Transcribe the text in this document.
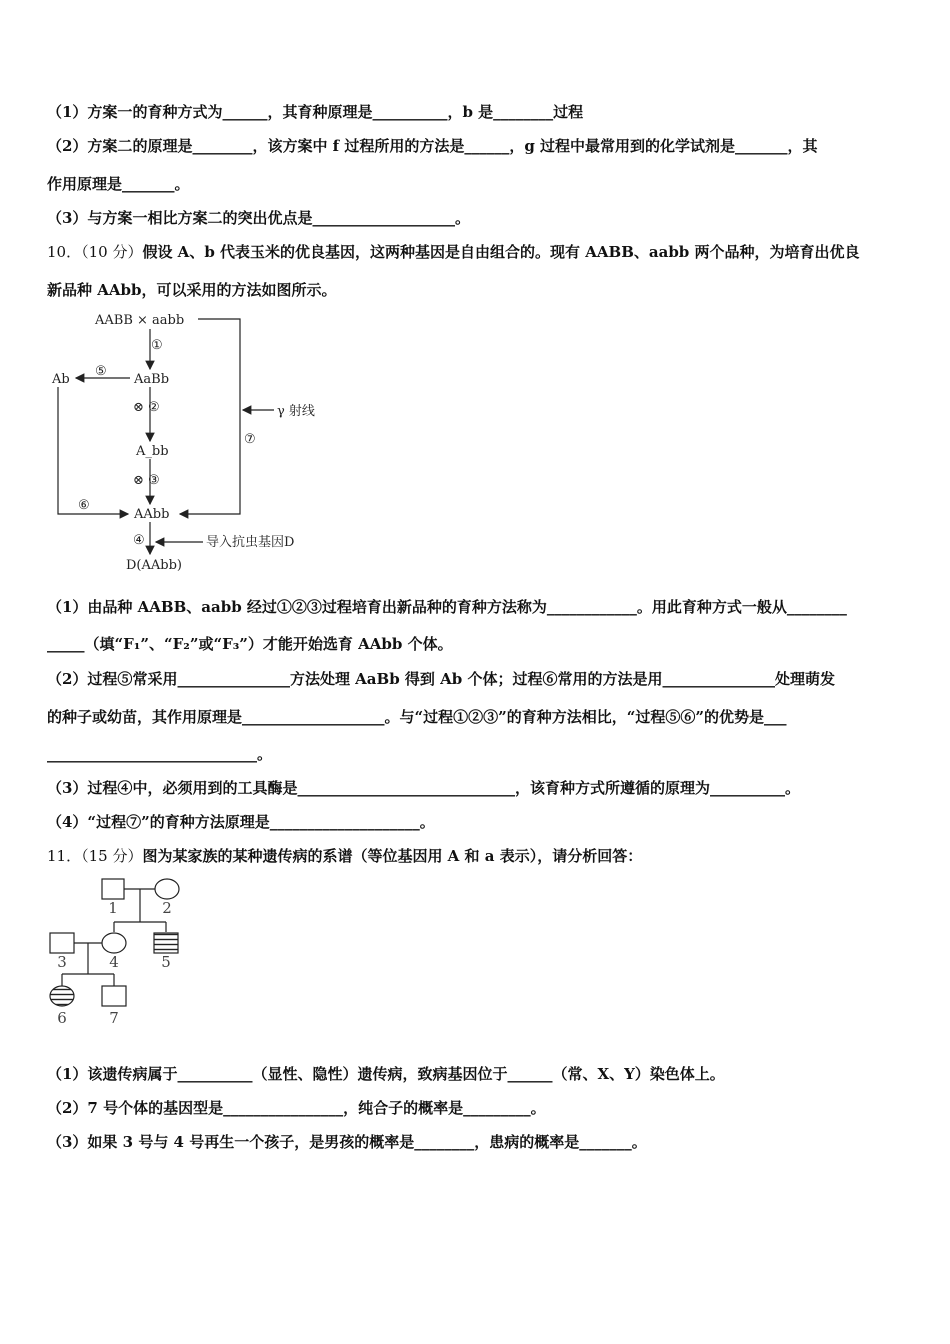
（1）方案一的育种方式为______，其育种原理是__________，b 是________过程
（2）方案二的原理是________，该方案中 f 过程所用的方法是______，g 过程中最常用到的化学试剂是_______，其
作用原理是_______。
（3）与方案一相比方案二的突出优点是___________________。
10．（10 分）假设 A、b 代表玉米的优良基因，这两种基因是自由组合的。现有 AABB、aabb 两个品种，为培育出优良
新品种 AAbb，可以采用的方法如图所示。
AABB × aabb
①
AaBb
Ab
⑤
⊗ ②
A_bb
⊗ ③
⑥
AAbb
④	导入抗虫基因D
D(AAbb)
γ 射线
⑦
（1）由品种 AABB、aabb 经过①②③过程培育出新品种的育种方法称为____________。用此育种方式一般从________
_____（填“F₁”、“F₂”或“F₃”）才能开始选育 AAbb 个体。
（2）过程⑤常采用_______________方法处理 AaBb 得到 Ab 个体；过程⑥常用的方法是用_______________处理萌发
的种子或幼苗，其作用原理是___________________。与“过程①②③”的育种方法相比，“过程⑤⑥”的优势是___
____________________________。
（3）过程④中，必须用到的工具酶是_____________________________，该育种方式所遵循的原理为__________。
（4）“过程⑦”的育种方法原理是____________________。
11．（15 分）图为某家族的某种遗传病的系谱（等位基因用 A 和 a 表示），请分析回答：
1	2
3	4	5
6	7
（1）该遗传病属于__________（显性、隐性）遗传病，致病基因位于______（常、X、Y）染色体上。
（2）7 号个体的基因型是________________，纯合子的概率是_________。
（3）如果 3 号与 4 号再生一个孩子，是男孩的概率是________，患病的概率是_______。
